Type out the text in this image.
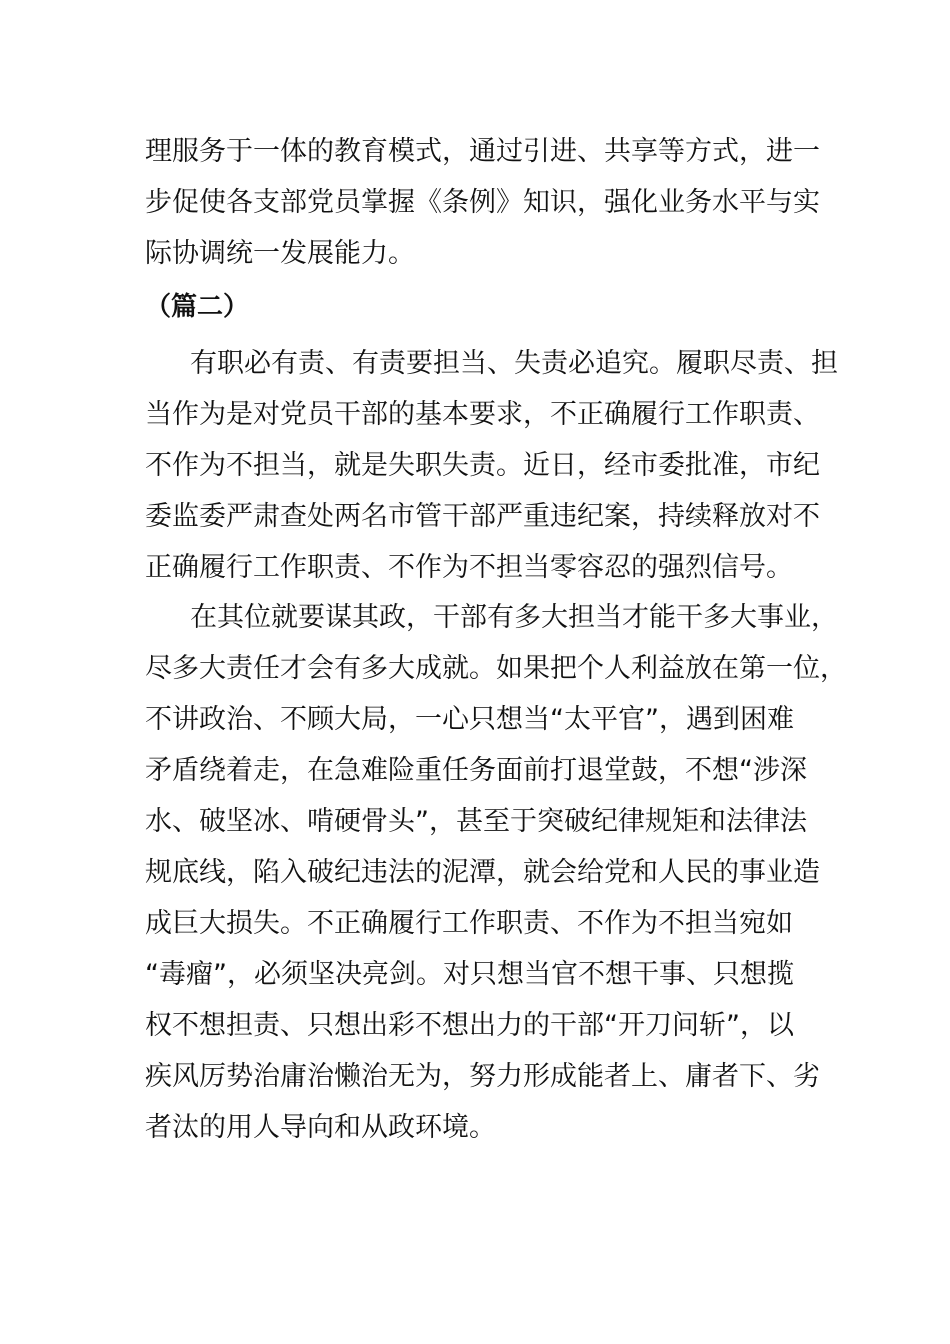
理服务于一体的教育模式，通过引进、共享等方式，进一
步促使各支部党员掌握《条例》知识，强化业务水平与实
际协调统一发展能力。
（篇二）
有职必有责、有责要担当、失责必追究。履职尽责、担
当作为是对党员干部的基本要求，不正确履行工作职责、
不作为不担当，就是失职失责。近日，经市委批准，市纪
委监委严肃查处两名市管干部严重违纪案，持续释放对不
正确履行工作职责、不作为不担当零容忍的强烈信号。
在其位就要谋其政，干部有多大担当才能干多大事业，
尽多大责任才会有多大成就。如果把个人利益放在第一位，
不讲政治、不顾大局，一心只想当“太平官”，遇到困难
矛盾绕着走，在急难险重任务面前打退堂鼓，不想“涉深
水、破坚冰、啃硬骨头”，甚至于突破纪律规矩和法律法
规底线，陷入破纪违法的泥潭，就会给党和人民的事业造
成巨大损失。不正确履行工作职责、不作为不担当宛如
“毒瘤”，必须坚决亮剑。对只想当官不想干事、只想揽
权不想担责、只想出彩不想出力的干部“开刀问斩”，以
疾风厉势治庸治懒治无为，努力形成能者上、庸者下、劣
者汰的用人导向和从政环境。
